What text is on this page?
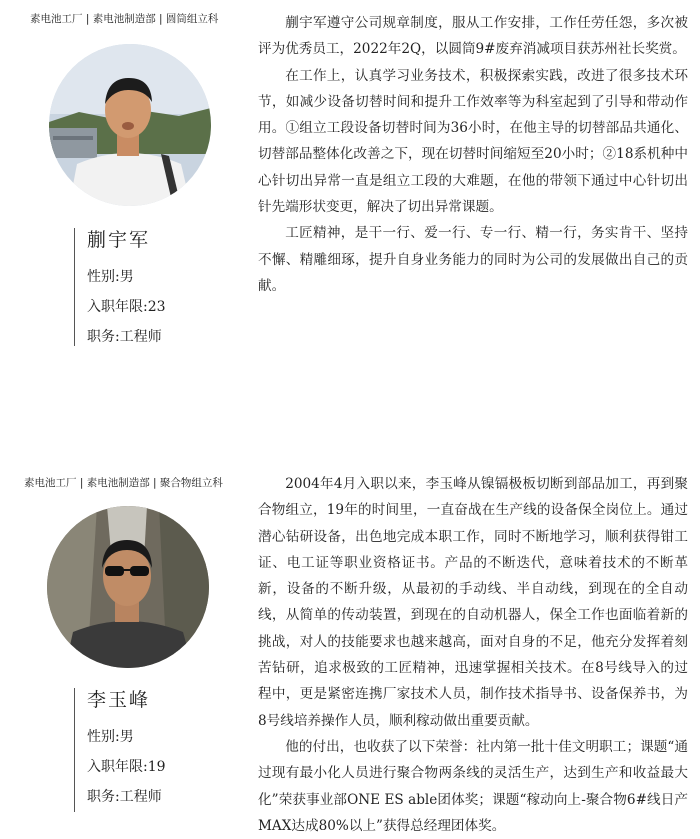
素电池工厂 | 素电池制造部 | 圆筒组立科
蒯宇军
性别:男
入职年限:23
职务:工程师

蒯宇军遵守公司规章制度，服从工作安排，工作任劳任怨，多次被评为优秀员工，2022年2Q，以圆筒9#废弃消减项目获苏州社长奖赏。

在工作上，认真学习业务技术，积极探索实践，改进了很多技术环节，如减少设备切替时间和提升工作效率等为科室起到了引导和带动作用。①组立工段设备切替时间为36小时，在他主导的切替部品共通化、切替部品整体化改善之下，现在切替时间缩短至20小时；②18系机种中心针切出异常一直是组立工段的大难题，在他的带领下通过中心针切出针先端形状变更，解决了切出异常课题。

工匠精神，是干一行、爱一行、专一行、精一行，务实肯干、坚持不懈、精雕细琢，提升自身业务能力的同时为公司的发展做出自己的贡献。

素电池工厂 | 素电池制造部 | 聚合物组立科
李玉峰
性别:男
入职年限:19
职务:工程师

2004年4月入职以来，李玉峰从镍镉极板切断到部品加工，再到聚合物组立，19年的时间里，一直奋战在生产线的设备保全岗位上。通过潜心钻研设备，出色地完成本职工作，同时不断地学习，顺利获得钳工证、电工证等职业资格证书。产品的不断迭代，意味着技术的不断革新，设备的不断升级，从最初的手动线、半自动线，到现在的全自动线，从简单的传动装置，到现在的自动机器人，保全工作也面临着新的挑战，对人的技能要求也越来越高，面对自身的不足，他充分发挥着刻苦钻研，追求极致的工匠精神，迅速掌握相关技术。在8号线导入的过程中，更是紧密连携厂家技术人员，制作技术指导书、设备保养书，为8号线培养操作人员，顺利稼动做出重要贡献。

他的付出，也收获了以下荣誉：社内第一批十佳文明职工；课题“通过现有最小化人员进行聚合物两条线的灵活生产，达到生产和收益最大化”荣获事业部ONE ES able团体奖；课题“稼动向上-聚合物6#线日产MAX达成80%以上”获得总经理团体奖。
